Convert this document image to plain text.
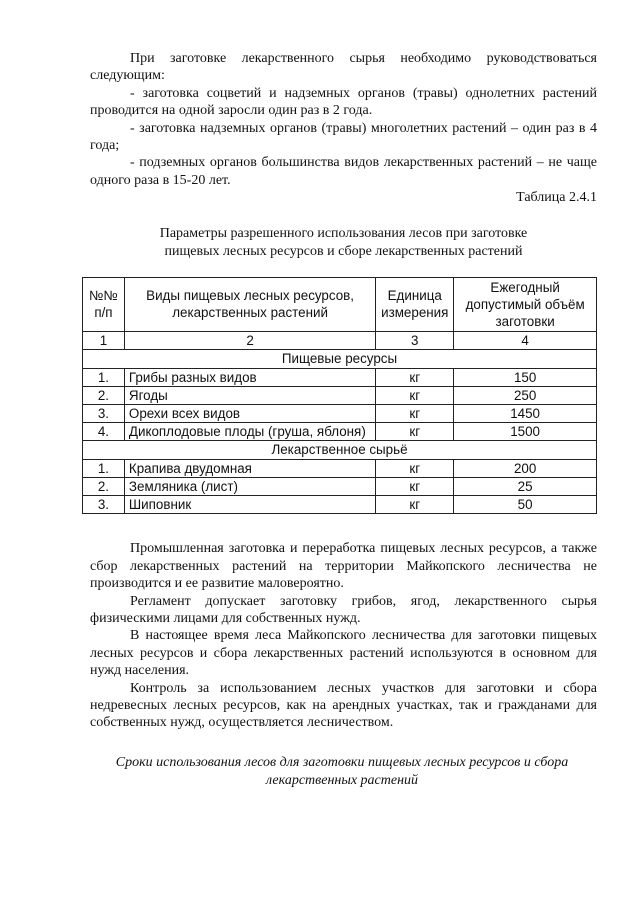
При заготовке лекарственного сырья необходимо руководствоваться следующим:

- заготовка соцветий и надземных органов (травы) однолетних растений проводится на одной заросли один раз в 2 года.

- заготовка надземных органов (травы) многолетних растений – один раз в 4 года;

- подземных органов большинства видов лекарственных растений – не чаще одного раза в 15-20 лет.

Таблица 2.4.1

Параметры разрешенного использования лесов при заготовке
пищевых лесных ресурсов и сборе лекарственных растений
№№ п/п	Виды пищевых лесных ресурсов, лекарственных растений	Единица измерения	Ежегодный допустимый объём заготовки
1	2	3	4
Пищевые ресурсы			
1.	Грибы разных видов	кг	150
2.	Ягоды	кг	250
3.	Орехи всех видов	кг	1450
4.	Дикоплодовые плоды (груша, яблоня)	кг	1500
Лекарственное сырьё			
1.	Крапива двудомная	кг	200
2.	Земляника (лист)	кг	25
3.	Шиповник	кг	50

Промышленная заготовка и переработка пищевых лесных ресурсов, а также сбор лекарственных растений на территории Майкопского лесничества не производится и ее развитие маловероятно.

Регламент допускает заготовку грибов, ягод, лекарственного сырья физическими лицами для собственных нужд.

В настоящее время леса Майкопского лесничества для заготовки пищевых лесных ресурсов и сбора лекарственных растений используются в основном для нужд населения.

Контроль за использованием лесных участков для заготовки и сбора недревесных лесных ресурсов, как на арендных участках, так и гражданами для собственных нужд, осуществляется лесничеством.

Сроки использования лесов для заготовки пищевых лесных ресурсов и сбора лекарственных растений
